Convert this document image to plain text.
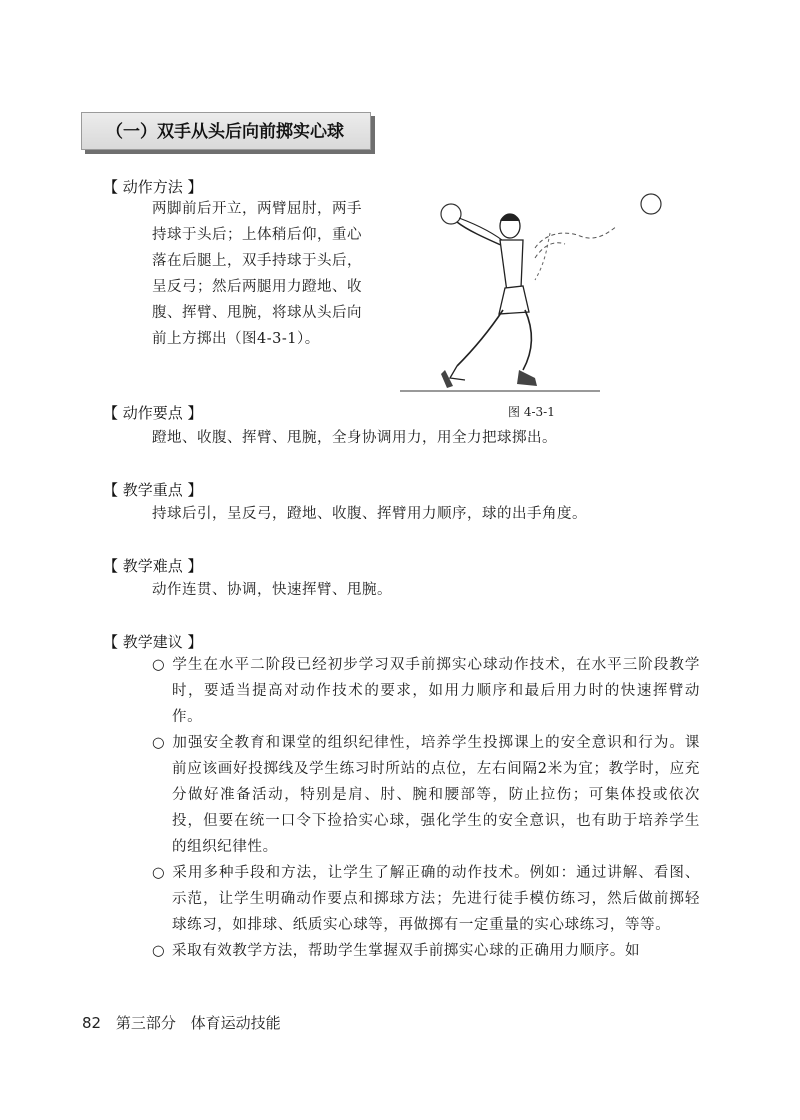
（一）双手从头后向前掷实心球
【 动作方法 】
两脚前后开立，两臂屈肘，两手持球于头后；上体稍后仰，重心落在后腿上，双手持球于头后，呈反弓；然后两腿用力蹬地、收腹、挥臂、甩腕，将球从头后向前上方掷出（图4-3-1）。
图 4-3-1
【 动作要点 】
蹬地、收腹、挥臂、甩腕，全身协调用力，用全力把球掷出。
【 教学重点 】
持球后引，呈反弓，蹬地、收腹、挥臂用力顺序，球的出手角度。
【 教学难点 】
动作连贯、协调，快速挥臂、甩腕。
【 教学建议 】
○ 学生在水平二阶段已经初步学习双手前掷实心球动作技术，在水平三阶段教学时，要适当提高对动作技术的要求，如用力顺序和最后用力时的快速挥臂动作。
○ 加强安全教育和课堂的组织纪律性，培养学生投掷课上的安全意识和行为。课前应该画好投掷线及学生练习时所站的点位，左右间隔2米为宜；教学时，应充分做好准备活动，特别是肩、肘、腕和腰部等，防止拉伤；可集体投或依次投，但要在统一口令下捡拾实心球，强化学生的安全意识，也有助于培养学生的组织纪律性。
○ 采用多种手段和方法，让学生了解正确的动作技术。例如：通过讲解、看图、示范，让学生明确动作要点和掷球方法；先进行徒手模仿练习，然后做前掷轻球练习，如排球、纸质实心球等，再做掷有一定重量的实心球练习，等等。
○ 采取有效教学方法，帮助学生掌握双手前掷实心球的正确用力顺序。如
82 第三部分 体育运动技能
